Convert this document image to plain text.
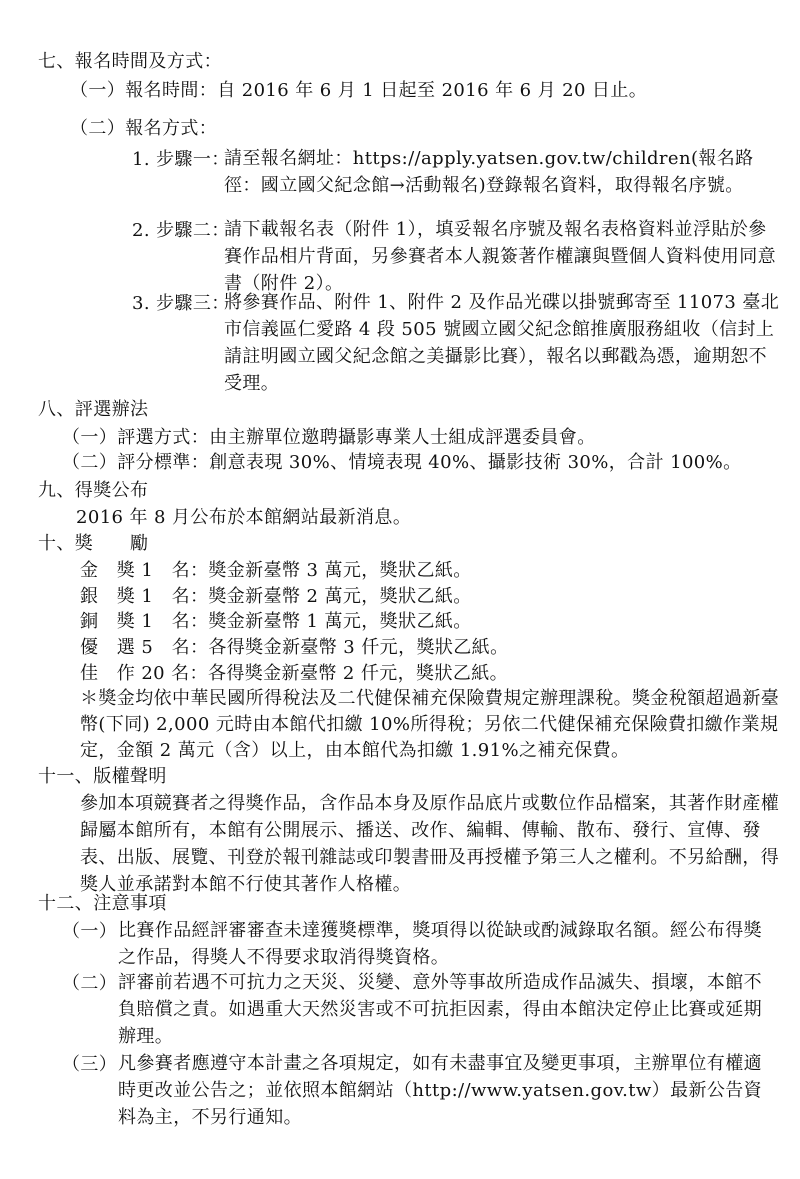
七、報名時間及方式：
（一）報名時間：自 2016 年 6 月 1 日起至 2016 年 6 月 20 日止。
（二）報名方式：
1. 步驟一：
請至報名網址：https://apply.yatsen.gov.tw/children(報名路徑：國立國父紀念館→活動報名)登錄報名資料，取得報名序號。
2. 步驟二：
請下載報名表（附件 1），填妥報名序號及報名表格資料並浮貼於參賽作品相片背面，另參賽者本人親簽著作權讓與暨個人資料使用同意書（附件 2）。
3. 步驟三：
將參賽作品、附件 1、附件 2 及作品光碟以掛號郵寄至 11073 臺北市信義區仁愛路 4 段 505 號國立國父紀念館推廣服務組收（信封上請註明國立國父紀念館之美攝影比賽），報名以郵戳為憑，逾期恕不受理。
八、評選辦法
（一）評選方式：由主辦單位邀聘攝影專業人士組成評選委員會。
（二）評分標準：創意表現 30%、情境表現 40%、攝影技術 30%，合計 100%。
九、得獎公布
2016 年 8 月公布於本館網站最新消息。
十、獎　　勵
金　獎 1　名：獎金新臺幣 3 萬元，獎狀乙紙。
銀　獎 1　名：獎金新臺幣 2 萬元，獎狀乙紙。
銅　獎 1　名：獎金新臺幣 1 萬元，獎狀乙紙。
優　選 5　名：各得獎金新臺幣 3 仟元，獎狀乙紙。
佳　作 20 名：各得獎金新臺幣 2 仟元，獎狀乙紙。
＊獎金均依中華民國所得稅法及二代健保補充保險費規定辦理課稅。獎金稅額超過新臺幣(下同) 2,000 元時由本館代扣繳 10%所得稅；另依二代健保補充保險費扣繳作業規定，金額 2 萬元（含）以上，由本館代為扣繳 1.91%之補充保費。
十一、版權聲明
參加本項競賽者之得獎作品，含作品本身及原作品底片或數位作品檔案，其著作財產權歸屬本館所有，本館有公開展示、播送、改作、編輯、傳輸、散布、發行、宣傳、發表、出版、展覽、刊登於報刊雜誌或印製書冊及再授權予第三人之權利。不另給酬，得獎人並承諾對本館不行使其著作人格權。
十二、注意事項
（一） 比賽作品經評審審查未達獲獎標準，獎項得以從缺或酌減錄取名額。經公布得獎之作品，得獎人不得要求取消得獎資格。
（二） 評審前若遇不可抗力之天災、災變、意外等事故所造成作品滅失、損壞，本館不負賠償之責。如遇重大天然災害或不可抗拒因素，得由本館決定停止比賽或延期辦理。
（三） 凡參賽者應遵守本計畫之各項規定，如有未盡事宜及變更事項，主辦單位有權適時更改並公告之；並依照本館網站（http://www.yatsen.gov.tw）最新公告資料為主，不另行通知。
